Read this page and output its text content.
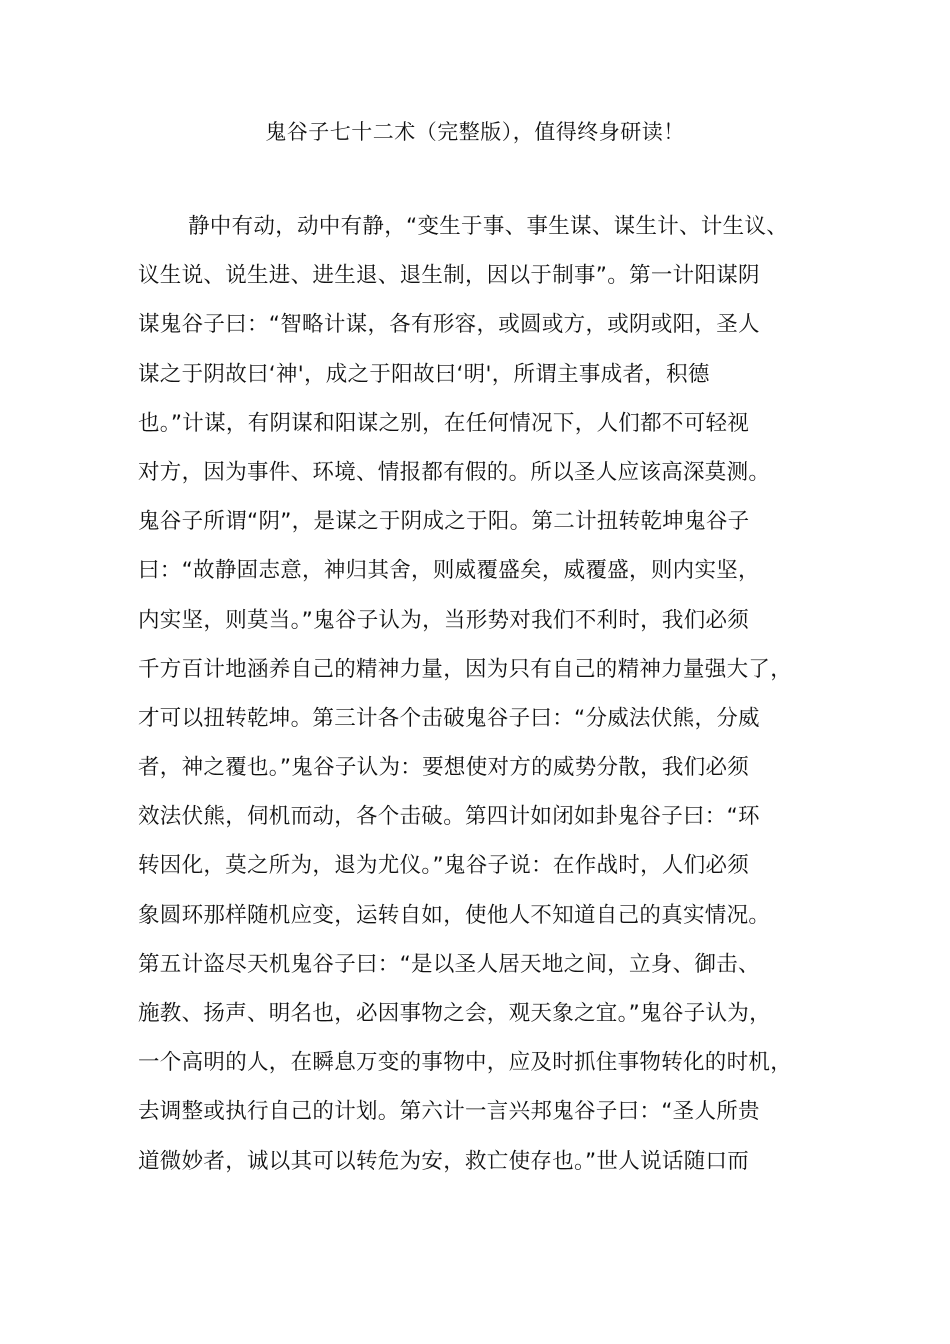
鬼谷子七十二术（完整版），值得终身研读！
静中有动，动中有静，“变生于事、事生谋、谋生计、计生议、
议生说、说生进、进生退、退生制，因以于制事”。第一计阳谋阴
谋鬼谷子曰：“智略计谋，各有形容，或圆或方，或阴或阳，圣人
谋之于阴故曰‘神'，成之于阳故曰‘明'，所谓主事成者，积德
也。”计谋，有阴谋和阳谋之别，在任何情况下，人们都不可轻视
对方，因为事件、环境、情报都有假的。所以圣人应该高深莫测。
鬼谷子所谓“阴”，是谋之于阴成之于阳。第二计扭转乾坤鬼谷子
曰：“故静固志意，神归其舍，则威覆盛矣，威覆盛，则内实坚，
内实坚，则莫当。”鬼谷子认为，当形势对我们不利时，我们必须
千方百计地涵养自己的精神力量，因为只有自己的精神力量强大了，
才可以扭转乾坤。第三计各个击破鬼谷子曰：“分威法伏熊，分威
者，神之覆也。”鬼谷子认为：要想使对方的威势分散，我们必须
效法伏熊，伺机而动，各个击破。第四计如闭如卦鬼谷子曰：“环
转因化，莫之所为，退为尤仪。”鬼谷子说：在作战时，人们必须
象圆环那样随机应变，运转自如，使他人不知道自己的真实情况。
第五计盗尽天机鬼谷子曰：“是以圣人居天地之间，立身、御击、
施教、扬声、明名也，必因事物之会，观天象之宜。”鬼谷子认为，
一个高明的人，在瞬息万变的事物中，应及时抓住事物转化的时机，
去调整或执行自己的计划。第六计一言兴邦鬼谷子曰：“圣人所贵
道微妙者，诚以其可以转危为安，救亡使存也。”世人说话随口而
